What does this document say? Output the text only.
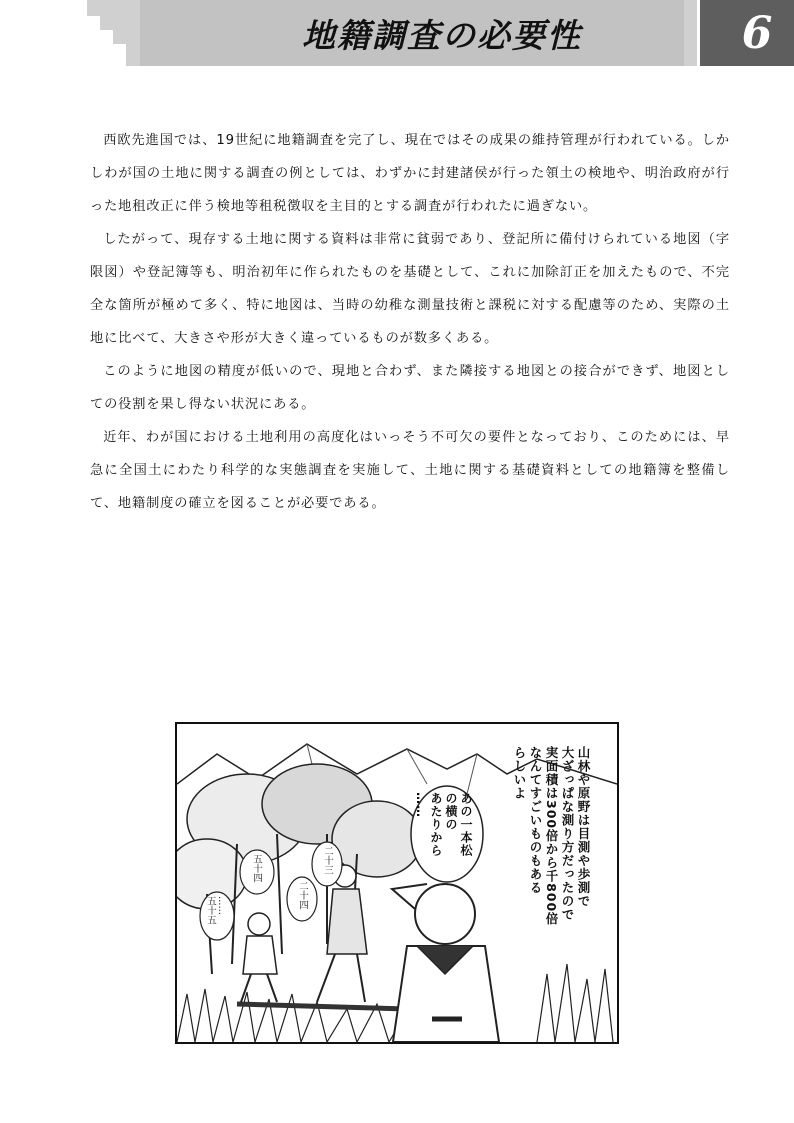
地籍調査の必要性	6

西欧先進国では、19世紀に地籍調査を完了し、現在ではその成果の維持管理が行われている。しかしわが国の土地に関する調査の例としては、わずかに封建諸侯が行った領土の検地や、明治政府が行った地租改正に伴う検地等租税徴収を主目的とする調査が行われたに過ぎない。

したがって、現存する土地に関する資料は非常に貧弱であり、登記所に備付けられている地図（字限図）や登記簿等も、明治初年に作られたものを基礎として、これに加除訂正を加えたもので、不完全な箇所が極めて多く、特に地図は、当時の幼稚な測量技術と課税に対する配慮等のため、実際の土地に比べて、大きさや形が大きく違っているものが数多くある。

このように地図の精度が低いので、現地と合わず、また隣接する地図との接合ができず、地図としての役割を果し得ない状況にある。

近年、わが国における土地利用の高度化はいっそう不可欠の要件となっており、このためには、早急に全国土にわたり科学的な実態調査を実施して、土地に関する基礎資料としての地籍簿を整備して、地籍制度の確立を図ることが必要である。

山林や原野は目測や歩測で
大ざっぱな測り方だったので
実面積は300倍から千800倍
なんてすごいものもある
らしいよ
あの一本松
の横の
あたりから
……
五十四
……
五十五
二十三
二十四
